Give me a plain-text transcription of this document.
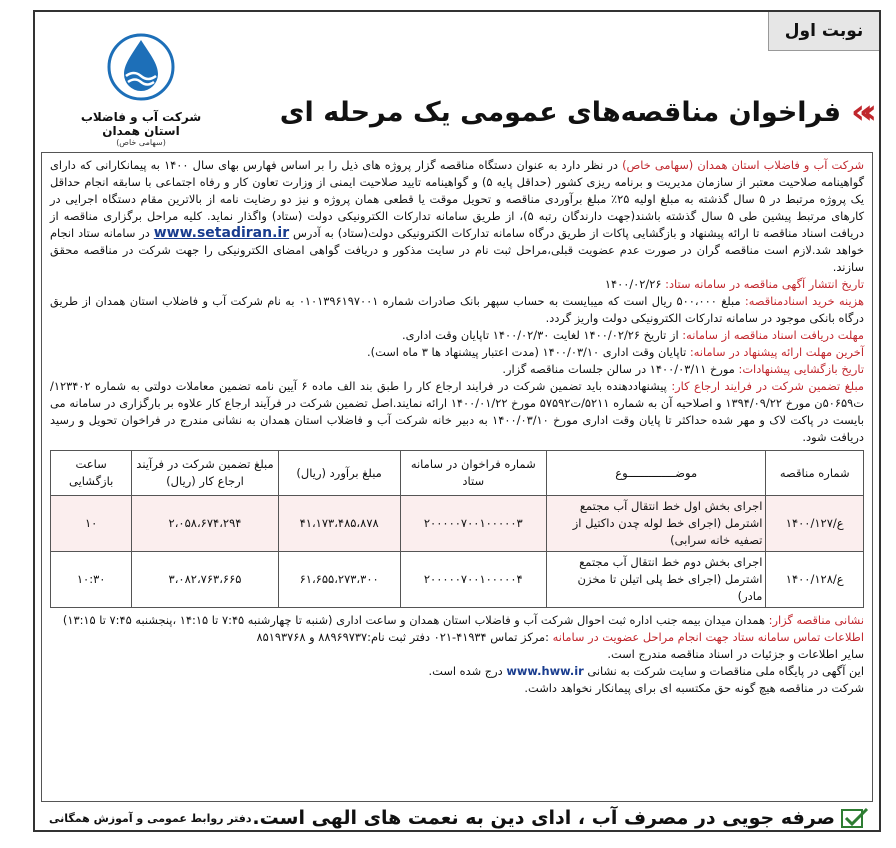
نوبت اول
شرکت آب و فاضلاب استان همدان
(سهامی خاص)
فراخوان مناقصه‌های عمومی یک مرحله ای «‹

شرکت آب و فاضلاب استان همدان (سهامی خاص) در نظر دارد به عنوان دستگاه مناقصه گزار پروژه های ذیل را بر اساس فهارس بهای سال ۱۴۰۰ به پیمانکارانی که دارای گواهینامه صلاحیت معتبر از سازمان مدیریت و برنامه ریزی کشور (حداقل پایه ۵) و گواهینامه تایید صلاحیت ایمنی از وزارت تعاون کار و رفاه اجتماعی با سابقه انجام حداقل یک پروژه مرتبط در ۵ سال گذشته به مبلغ اولیه ۲۵٪ مبلغ برآوردی مناقصه و تحویل موقت یا قطعی همان پروژه و نیز دو رضایت نامه از بالاترین مقام دستگاه اجرایی در کارهای مرتبط پیشین طی ۵ سال گذشته باشند(جهت دارندگان رتبه ۵)، از طریق سامانه تدارکات الکترونیکی دولت (ستاد) واگذار نماید. کلیه مراحل برگزاری مناقصه از دریافت اسناد مناقصه تا ارائه پیشنهاد و بازگشایی پاکات از طریق درگاه سامانه تدارکات الکترونیکی دولت(ستاد) به آدرس www.setadiran.ir در سامانه ستاد انجام خواهد شد.لازم است مناقصه گران در صورت عدم عضویت قبلی،مراحل ثبت نام در سایت مذکور و دریافت گواهی امضای الکترونیکی را جهت شرکت در مناقصه محقق سازند.

تاریخ انتشار آگهی مناقصه در سامانه ستاد: ۱۴۰۰/۰۲/۲۶

هزینه خرید اسنادمناقصه: مبلغ ۵۰۰،۰۰۰ ریال است که میبایست به حساب سپهر بانک صادرات شماره ۰۱۰۱۳۹۶۱۹۷۰۰۱ به نام شرکت آب و فاضلاب استان همدان از طریق درگاه بانکی موجود در سامانه تدارکات الکترونیکی دولت واریز گردد.

مهلت دریافت اسناد مناقصه از سامانه: از تاریخ ۱۴۰۰/۰۲/۲۶ لغایت ۱۴۰۰/۰۲/۳۰ تاپایان وقت اداری.

آخرین مهلت ارائه پیشنهاد در سامانه: تاپایان وقت اداری ۱۴۰۰/۰۳/۱۰ (مدت اعتبار پیشنهاد ها ۳ ماه است).

تاریخ بازگشایی پیشنهادات: مورخ ۱۴۰۰/۰۳/۱۱ در سالن جلسات مناقصه گزار.

مبلغ تضمین شرکت در فرایند ارجاع کار: پیشنهاددهنده باید تضمین شرکت در فرایند ارجاع کار را طبق بند الف ماده ۶ آیین نامه تضمین معاملات دولتی به شماره ۱۲۳۴۰۲/ت۵۰۶۵۹ن مورخ ۱۳۹۴/۰۹/۲۲ و اصلاحیه آن به شماره ۵۲۱۱/ت۵۷۵۹۲ مورخ ۱۴۰۰/۰۱/۲۲ ارائه نمایند.اصل تضمین شرکت در فرآیند ارجاع کار علاوه بر بارگزاری در سامانه می بایست در پاکت لاک و مهر شده حداکثر تا پایان وقت اداری مورخ ۱۴۰۰/۰۳/۱۰ به دبیر خانه شرکت آب و فاضلاب استان همدان به نشانی مندرج در فراخوان تحویل و رسید دریافت شود.

شماره مناقصه	موضــــــــــــــوع	شماره فراخوان در سامانه ستاد	مبلغ برآورد (ریال)	مبلغ تضمین شرکت در فرآیند ارجاع کار (ریال)	ساعت بازگشایی
ع/۱۴۰۰/۱۲۷	اجرای بخش اول خط انتقال آب مجتمع اشترمل (اجرای خط لوله چدن داکتیل از تصفیه خانه سرابی)	۲۰۰۰۰۰۷۰۰۱۰۰۰۰۰۳	۴۱،۱۷۳،۴۸۵،۸۷۸	۲،۰۵۸،۶۷۴،۲۹۴	۱۰
ع/۱۴۰۰/۱۲۸	اجرای بخش دوم خط انتقال آب مجتمع اشترمل (اجرای خط پلی اتیلن تا مخزن مادر)	۲۰۰۰۰۰۷۰۰۱۰۰۰۰۰۴	۶۱،۶۵۵،۲۷۳،۳۰۰	۳،۰۸۲،۷۶۳،۶۶۵	۱۰:۳۰

نشانی مناقصه گزار: همدان میدان بیمه جنب اداره ثبت احوال شرکت آب و فاضلاب استان همدان و ساعت اداری (شنبه تا چهارشنبه ۷:۴۵ تا ۱۴:۱۵ ،پنجشنبه ۷:۴۵ تا ۱۳:۱۵)

اطلاعات تماس سامانه ستاد جهت انجام مراحل عضویت در سامانه :مرکز تماس ۴۱۹۳۴-۰۲۱ دفتر ثبت نام:۸۸۹۶۹۷۳۷ و ۸۵۱۹۳۷۶۸

سایر اطلاعات و جزئیات در اسناد مناقصه مندرج است.

این آگهی در پایگاه ملی مناقصات و سایت شرکت به نشانی www.hww.ir درج شده است.

شرکت در مناقصه هیچ گونه حق مکتسبه ای برای پیمانکار نخواهد داشت.

صرفه جویی در مصرف آب ، ادای دین به نعمت های الهی است.
دفتر روابط عمومی و آموزش همگانی
